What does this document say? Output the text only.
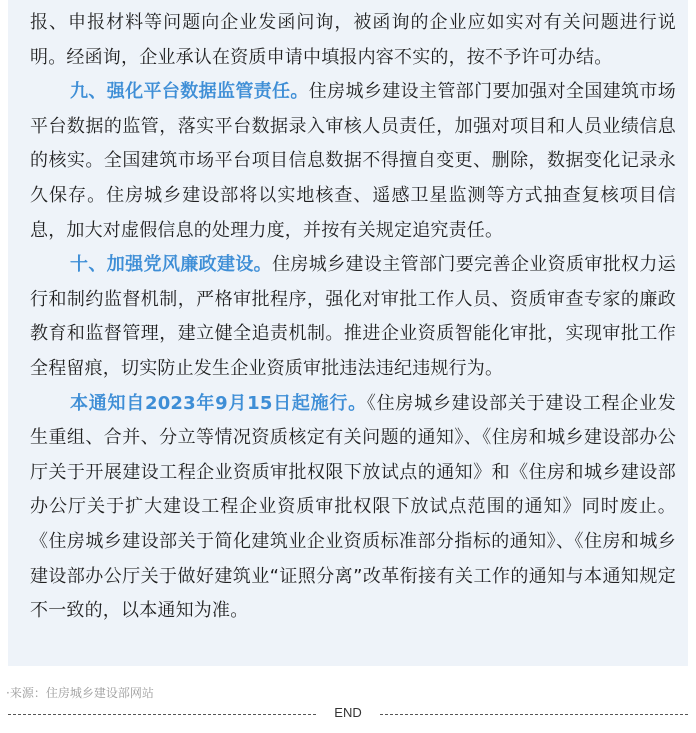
报、申报材料等问题向企业发函问询，被函询的企业应如实对有关问题进行说明。经函询，企业承认在资质申请中填报内容不实的，按不予许可办结。

九、强化平台数据监管责任。住房城乡建设主管部门要加强对全国建筑市场平台数据的监管，落实平台数据录入审核人员责任，加强对项目和人员业绩信息的核实。全国建筑市场平台项目信息数据不得擅自变更、删除，数据变化记录永久保存。住房城乡建设部将以实地核查、遥感卫星监测等方式抽查复核项目信息，加大对虚假信息的处理力度，并按有关规定追究责任。

十、加强党风廉政建设。住房城乡建设主管部门要完善企业资质审批权力运行和制约监督机制，严格审批程序，强化对审批工作人员、资质审查专家的廉政教育和监督管理，建立健全追责机制。推进企业资质智能化审批，实现审批工作全程留痕，切实防止发生企业资质审批违法违纪违规行为。

本通知自2023年9月15日起施行。《住房城乡建设部关于建设工程企业发生重组、合并、分立等情况资质核定有关问题的通知》、《住房和城乡建设部办公厅关于开展建设工程企业资质审批权限下放试点的通知》和《住房和城乡建设部办公厅关于扩大建设工程企业资质审批权限下放试点范围的通知》同时废止。《住房城乡建设部关于简化建筑业企业资质标准部分指标的通知》、《住房和城乡建设部办公厅关于做好建筑业“证照分离”改革衔接有关工作的通知与本通知规定不一致的，以本通知为准。

·来源：住房城乡建设部网站
END
